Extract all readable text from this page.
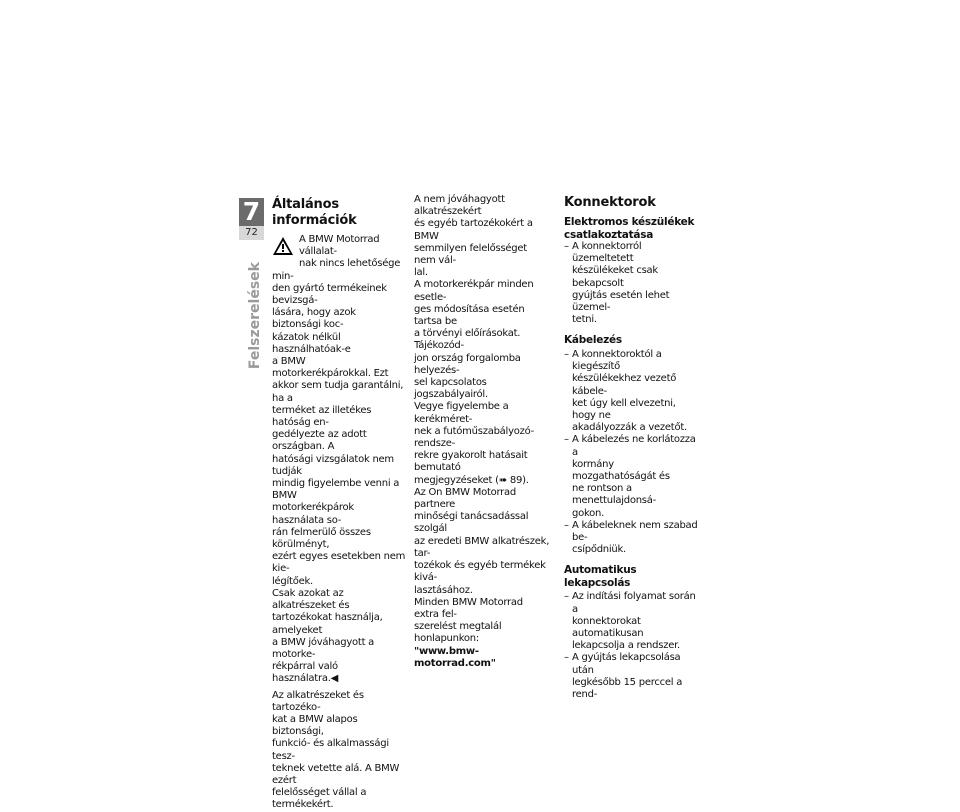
7
72
Felszerelések
Általános információk

A BMW Motorrad vállalat-
nak nincs lehetősége min-
den gyártó termékeinek bevizsgá-
lására, hogy azok biztonsági koc-
kázatok nélkül használhatóak-e
a BMW motorkerékpárokkal. Ezt
akkor sem tudja garantálni, ha a
terméket az illetékes hatóság en-
gedélyezte az adott országban. A
hatósági vizsgálatok nem tudják
mindig figyelembe venni a BMW
motorkerékpárok használata so-
rán felmerülő összes körülményt,
ezért egyes esetekben nem kie-
légítőek.
Csak azokat az alkatrészeket és
tartozékokat használja, amelyeket
a BMW jóváhagyott a motorke-
rékpárral való használatra.◀

Az alkatrészeket és tartozéko-
kat a BMW alapos biztonsági,
funkció- és alkalmassági tesz-
teknek vetette alá. A BMW ezért
felelősséget vállal a termékekért.

A nem jóváhagyott alkatrészekért
és egyéb tartozékokért a BMW
semmilyen felelősséget nem vál-
lal.
A motorkerékpár minden esetle-
ges módosítása esetén tartsa be
a törvényi előírásokat. Tájékozód-
jon ország forgalomba helyezés-
sel kapcsolatos jogszabályairól.
Vegye figyelembe a kerékméret-
nek a futóműszabályozó-rendsze-
rekre gyakorolt hatásait bemutató
megjegyzéseket (➠ 89).
Az On BMW Motorrad partnere
minőségi tanácsadással szolgál
az eredeti BMW alkatrészek, tar-
tozékok és egyéb termékek kivá-
lasztásához.
Minden BMW Motorrad extra fel-
szerelést megtalál honlapunkon:

"www.bmw-motorrad.com"

Konnektorok
Elektromos készülékek
csatlakoztatása
– A konnektorról üzemeltetett
készülékeket csak bekapcsolt
gyújtás esetén lehet üzemel-
tetni.
Kábelezés
– A konnektoroktól a kiegészítő
készülékekhez vezető kábele-
ket úgy kell elvezetni, hogy ne
akadályozzák a vezetőt.
– A kábelezés ne korlátozza a
kormány mozgathatóságát és
ne rontson a menettulajdonsá-
gokon.
– A kábeleknek nem szabad be-
csípődniük.
Automatikus lekapcsolás
– Az indítási folyamat során a
konnektorokat automatikusan
lekapcsolja a rendszer.
– A gyújtás lekapcsolása után
legkésőbb 15 perccel a rend-
